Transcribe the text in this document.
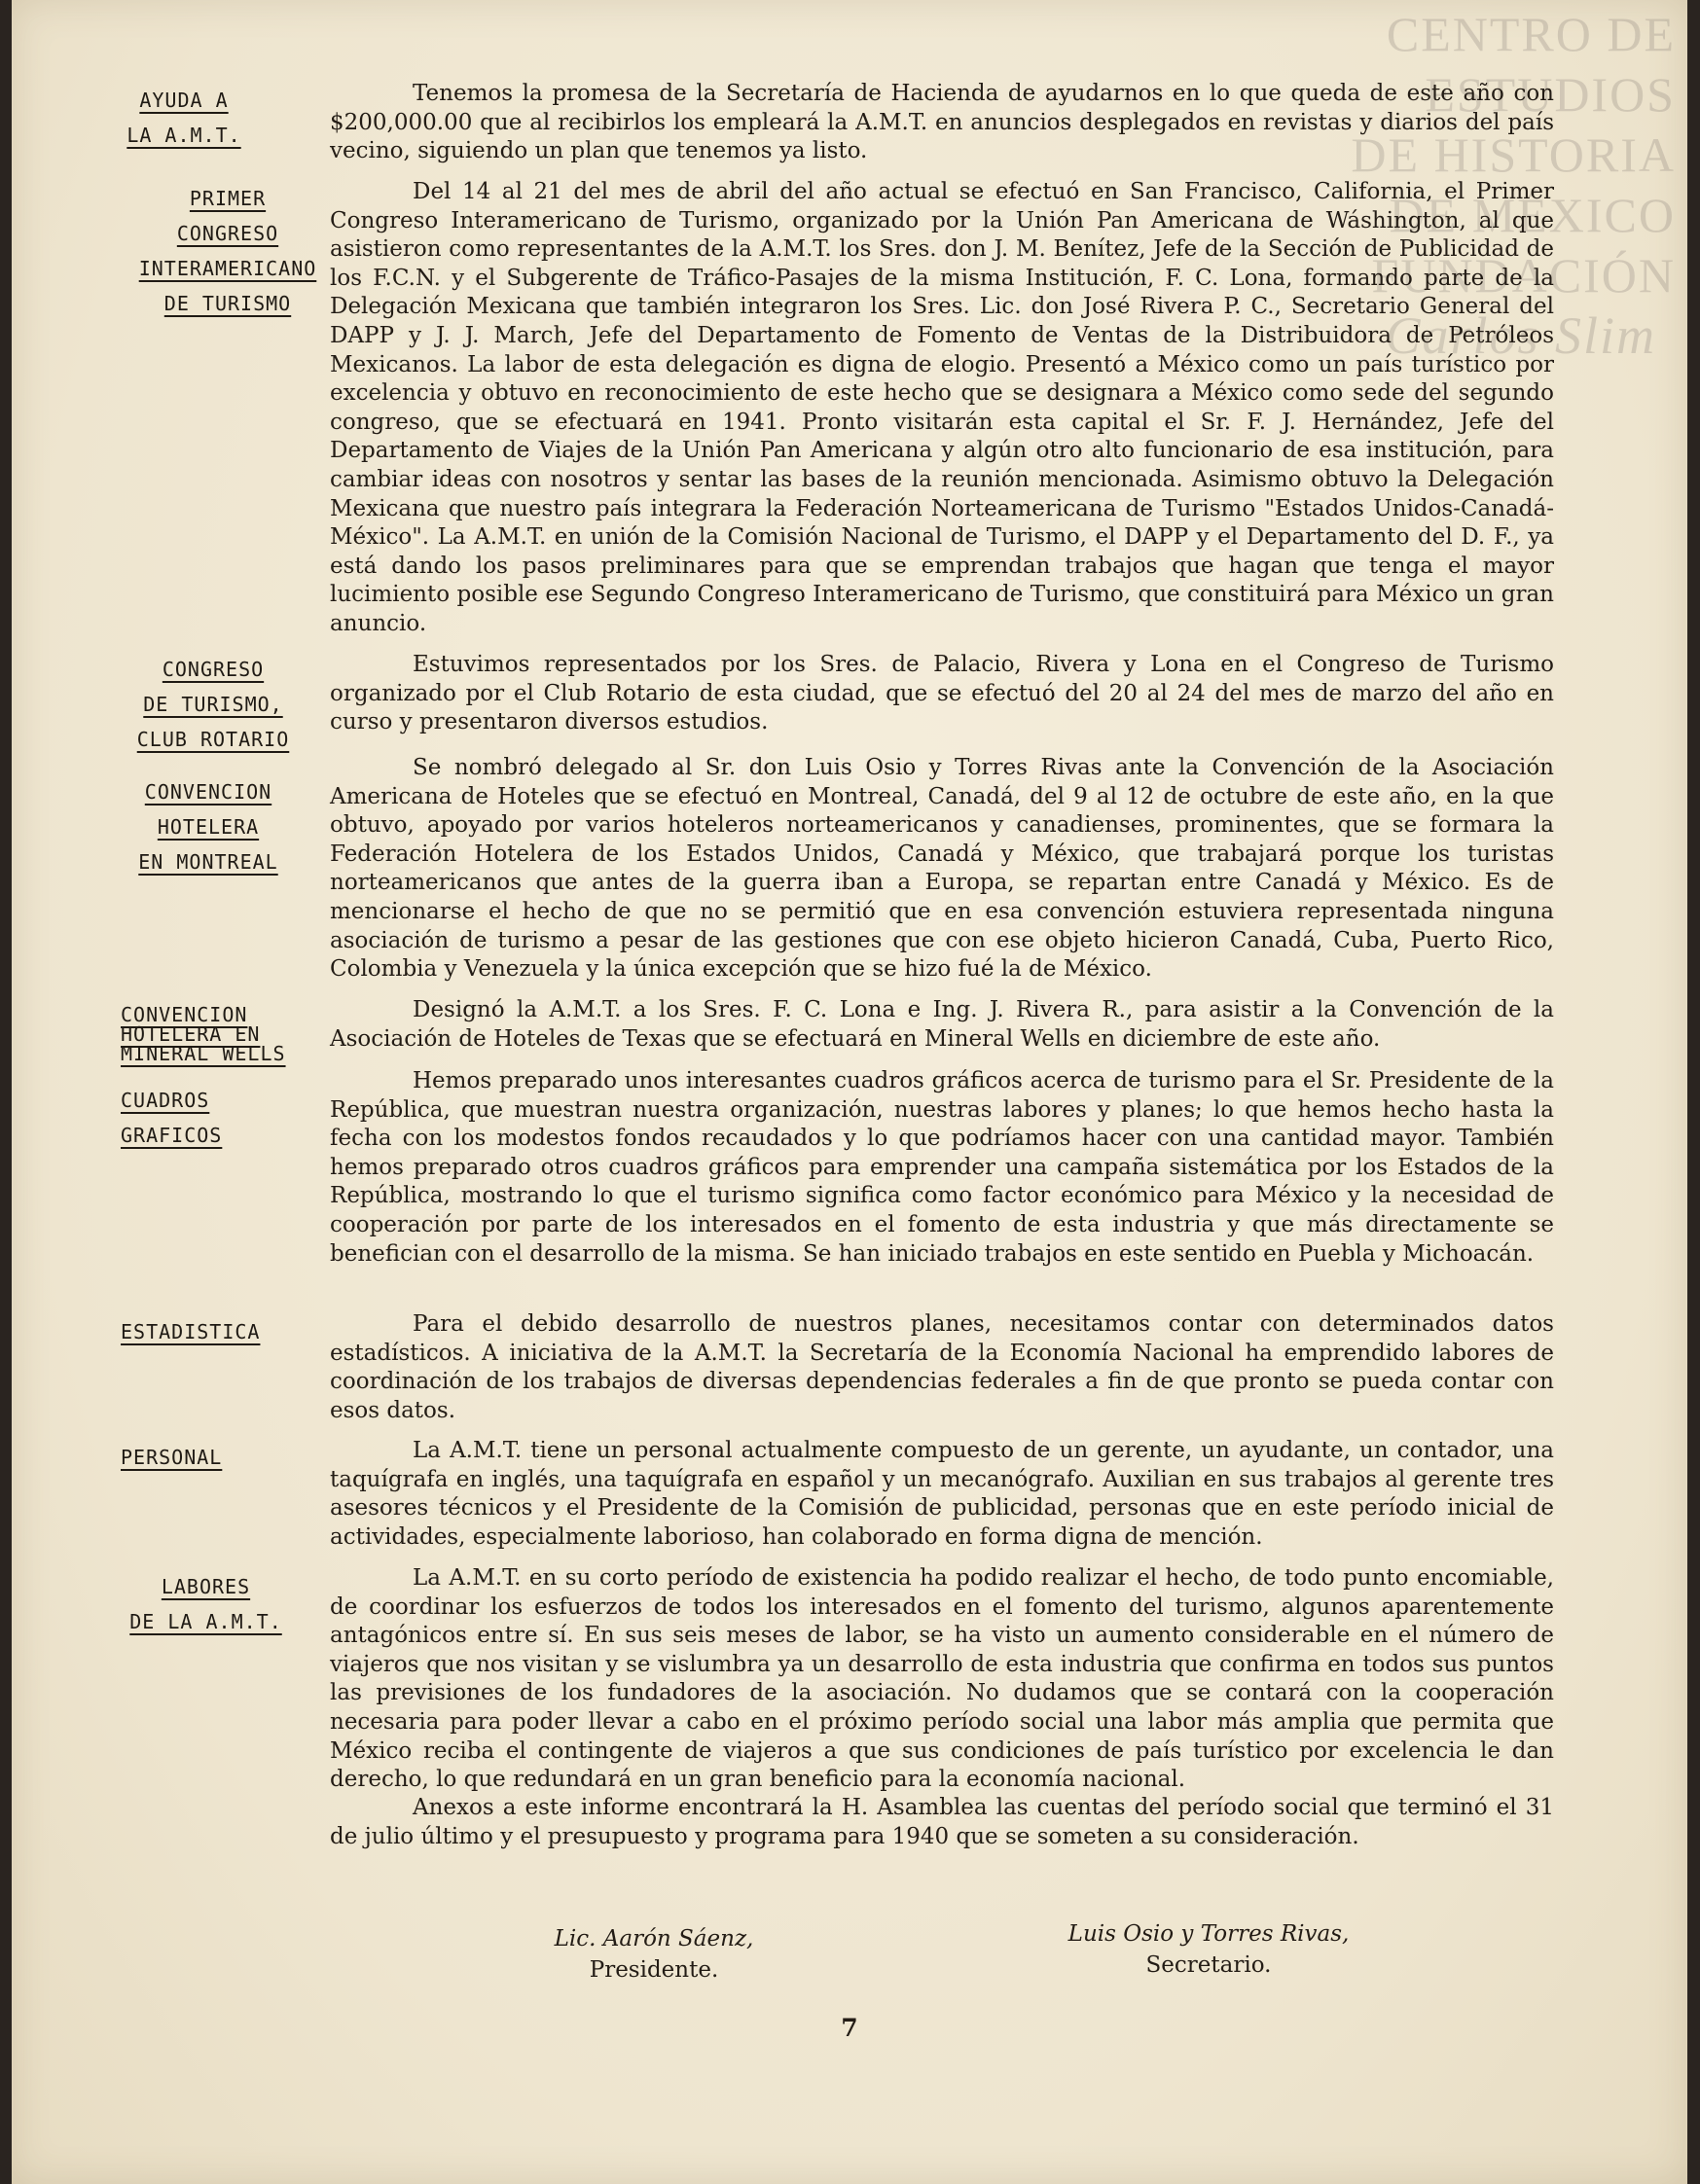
CENTRO DE
ESTUDIOS
DE HISTORIA
DE MÉXICO
FUNDACIÓN
Carlos Slim
AYUDA A
LA A.M.T.

Tenemos la promesa de la Secretaría de Hacienda de ayudarnos en lo que queda de este año con $200,000.00 que al recibirlos los empleará la A.M.T. en anuncios desplegados en revistas y diarios del país vecino, siguiendo un plan que tenemos ya listo.

PRIMER
CONGRESO
INTERAMERICANO
DE TURISMO

Del 14 al 21 del mes de abril del año actual se efectuó en San Francisco, California, el Primer Congreso Interamericano de Turismo, organizado por la Unión Pan Americana de Wáshington, al que asistieron como representantes de la A.M.T. los Sres. don J. M. Benítez, Jefe de la Sección de Publicidad de los F.C.N. y el Subgerente de Tráfico-Pasajes de la misma Institución, F. C. Lona, formando parte de la Delegación Mexicana que también integraron los Sres. Lic. don José Rivera P. C., Secretario General del DAPP y J. J. March, Jefe del Departamento de Fomento de Ventas de la Distribuidora de Petróleos Mexicanos. La labor de esta delegación es digna de elogio. Presentó a México como un país turístico por excelencia y obtuvo en reconocimiento de este hecho que se designara a México como sede del segundo congreso, que se efectuará en 1941. Pronto visitarán esta capital el Sr. F. J. Hernández, Jefe del Departamento de Viajes de la Unión Pan Americana y algún otro alto funcionario de esa institución, para cambiar ideas con nosotros y sentar las bases de la reunión mencionada. Asimismo obtuvo la Delegación Mexicana que nuestro país integrara la Federación Norteamericana de Turismo "Estados Unidos-Canadá-México". La A.M.T. en unión de la Comisión Nacional de Turismo, el DAPP y el Departamento del D. F., ya está dando los pasos preliminares para que se emprendan trabajos que hagan que tenga el mayor lucimiento posible ese Segundo Congreso Interamericano de Turismo, que constituirá para México un gran anuncio.

CONGRESO
DE TURISMO,
CLUB ROTARIO

Estuvimos representados por los Sres. de Palacio, Rivera y Lona en el Congreso de Turismo organizado por el Club Rotario de esta ciudad, que se efectuó del 20 al 24 del mes de marzo del año en curso y presentaron diversos estudios.

CONVENCION
HOTELERA
EN MONTREAL

Se nombró delegado al Sr. don Luis Osio y Torres Rivas ante la Convención de la Asociación Americana de Hoteles que se efectuó en Montreal, Canadá, del 9 al 12 de octubre de este año, en la que obtuvo, apoyado por varios hoteleros norteamericanos y canadienses, prominentes, que se formara la Federación Hotelera de los Estados Unidos, Canadá y México, que trabajará porque los turistas norteamericanos que antes de la guerra iban a Europa, se repartan entre Canadá y México. Es de mencionarse el hecho de que no se permitió que en esa convención estuviera representada ninguna asociación de turismo a pesar de las gestiones que con ese objeto hicieron Canadá, Cuba, Puerto Rico, Colombia y Venezuela y la única excepción que se hizo fué la de México.

CONVENCION
HOTELERA EN
MINERAL WELLS

Designó la A.M.T. a los Sres. F. C. Lona e Ing. J. Rivera R., para asistir a la Convención de la Asociación de Hoteles de Texas que se efectuará en Mineral Wells en diciembre de este año.

CUADROS
GRAFICOS

Hemos preparado unos interesantes cuadros gráficos acerca de turismo para el Sr. Presidente de la República, que muestran nuestra organización, nuestras labores y planes; lo que hemos hecho hasta la fecha con los modestos fondos recaudados y lo que podríamos hacer con una cantidad mayor. También hemos preparado otros cuadros gráficos para emprender una campaña sistemática por los Estados de la República, mostrando lo que el turismo significa como factor económico para México y la necesidad de cooperación por parte de los interesados en el fomento de esta industria y que más directamente se benefician con el desarrollo de la misma. Se han iniciado trabajos en este sentido en Puebla y Michoacán.

ESTADISTICA	Para el debido desarrollo de nuestros planes, necesitamos contar con determinados datos estadísticos. A iniciativa de la A.M.T. la Secretaría de la Economía Nacional ha emprendido labores de coordinación de los trabajos de diversas dependencias federales a fin de que pronto se pueda contar con esos datos.

PERSONAL	La A.M.T. tiene un personal actualmente compuesto de un gerente, un ayudante, un contador, una taquígrafa en inglés, una taquígrafa en español y un mecanógrafo. Auxilian en sus trabajos al gerente tres asesores técnicos y el Presidente de la Comisión de publicidad, personas que en este período inicial de actividades, especialmente laborioso, han colaborado en forma digna de mención.

LABORES
DE LA A.M.T.

La A.M.T. en su corto período de existencia ha podido realizar el hecho, de todo punto encomiable, de coordinar los esfuerzos de todos los interesados en el fomento del turismo, algunos aparentemente antagónicos entre sí. En sus seis meses de labor, se ha visto un aumento considerable en el número de viajeros que nos visitan y se vislumbra ya un desarrollo de esta industria que confirma en todos sus puntos las previsiones de los fundadores de la asociación. No dudamos que se contará con la cooperación necesaria para poder llevar a cabo en el próximo período social una labor más amplia que permita que México reciba el contingente de viajeros a que sus condiciones de país turístico por excelencia le dan derecho, lo que redundará en un gran beneficio para la economía nacional.

Anexos a este informe encontrará la H. Asamblea las cuentas del período social que terminó el 31 de julio último y el presupuesto y programa para 1940 que se someten a su consideración.

Lic. Aarón Sáenz,
Presidente.
Luis Osio y Torres Rivas,
Secretario.
7
